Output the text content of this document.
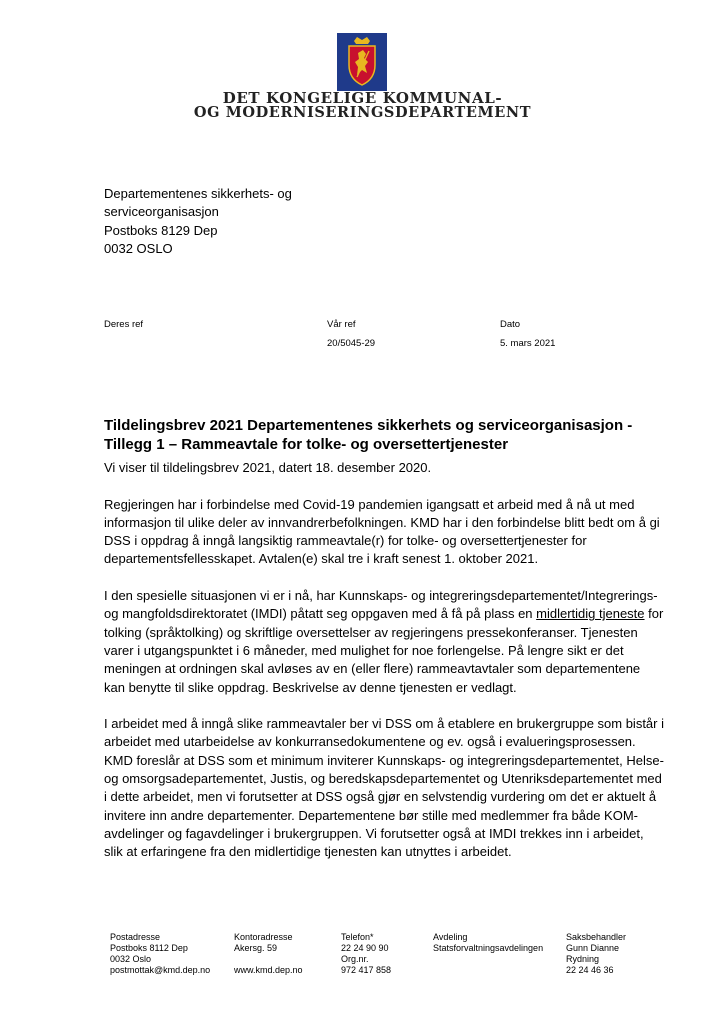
DET KONGELIGE KOMMUNAL-
OG MODERNISERINGSDEPARTEMENT
Departementenes sikkerhets- og
serviceorganisasjon
Postboks 8129 Dep
0032 OSLO
Deres ref	Vår ref
20/5045-29
Dato
5. mars 2021
Tildelingsbrev 2021 Departementenes sikkerhets og serviceorganisasjon - Tillegg 1 – Rammeavtale for tolke- og oversettertjenester

Vi viser til tildelingsbrev 2021, datert 18. desember 2020.

Regjeringen har i forbindelse med Covid-19 pandemien igangsatt et arbeid med å nå ut med informasjon til ulike deler av innvandrerbefolkningen. KMD har i den forbindelse blitt bedt om å gi DSS i oppdrag å inngå langsiktig rammeavtale(r) for tolke- og oversettertjenester for departementsfellesskapet. Avtalen(e) skal tre i kraft senest 1. oktober 2021.

I den spesielle situasjonen vi er i nå, har Kunnskaps- og integreringsdepartementet/Integrerings- og mangfoldsdirektoratet (IMDI) påtatt seg oppgaven med å få på plass en midlertidig tjeneste for tolking (språktolking) og skriftlige oversettelser av regjeringens pressekonferanser. Tjenesten varer i utgangspunktet i 6 måneder, med mulighet for noe forlengelse. På lengre sikt er det meningen at ordningen skal avløses av en (eller flere) rammeavtavtaler som departementene kan benytte til slike oppdrag. Beskrivelse av denne tjenesten er vedlagt.

I arbeidet med å inngå slike rammeavtaler ber vi DSS om å etablere en brukergruppe som bistår i arbeidet med utarbeidelse av konkurransedokumentene og ev. også i evalueringsprosessen. KMD foreslår at DSS som et minimum inviterer Kunnskaps- og integreringsdepartementet, Helse- og omsorgsadepartementet, Justis, og beredskapsdepartementet og Utenriksdepartementet med i dette arbeidet, men vi forutsetter at DSS også gjør en selvstendig vurdering om det er aktuelt å invitere inn andre departementer. Departementene bør stille med medlemmer fra både KOM-avdelinger og fagavdelinger i brukergruppen. Vi forutsetter også at IMDI trekkes inn i arbeidet, slik at erfaringene fra den midlertidige tjenesten kan utnyttes i arbeidet.

Postadresse
Postboks 8112 Dep
0032 Oslo
postmottak@kmd.dep.no
Kontoradresse
Akersg. 59

www.kmd.dep.no
Telefon*
22 24 90 90
Org.nr.
972 417 858
Avdeling
Statsforvaltningsavdelingen
Saksbehandler
Gunn Dianne
Rydning
22 24 46 36
